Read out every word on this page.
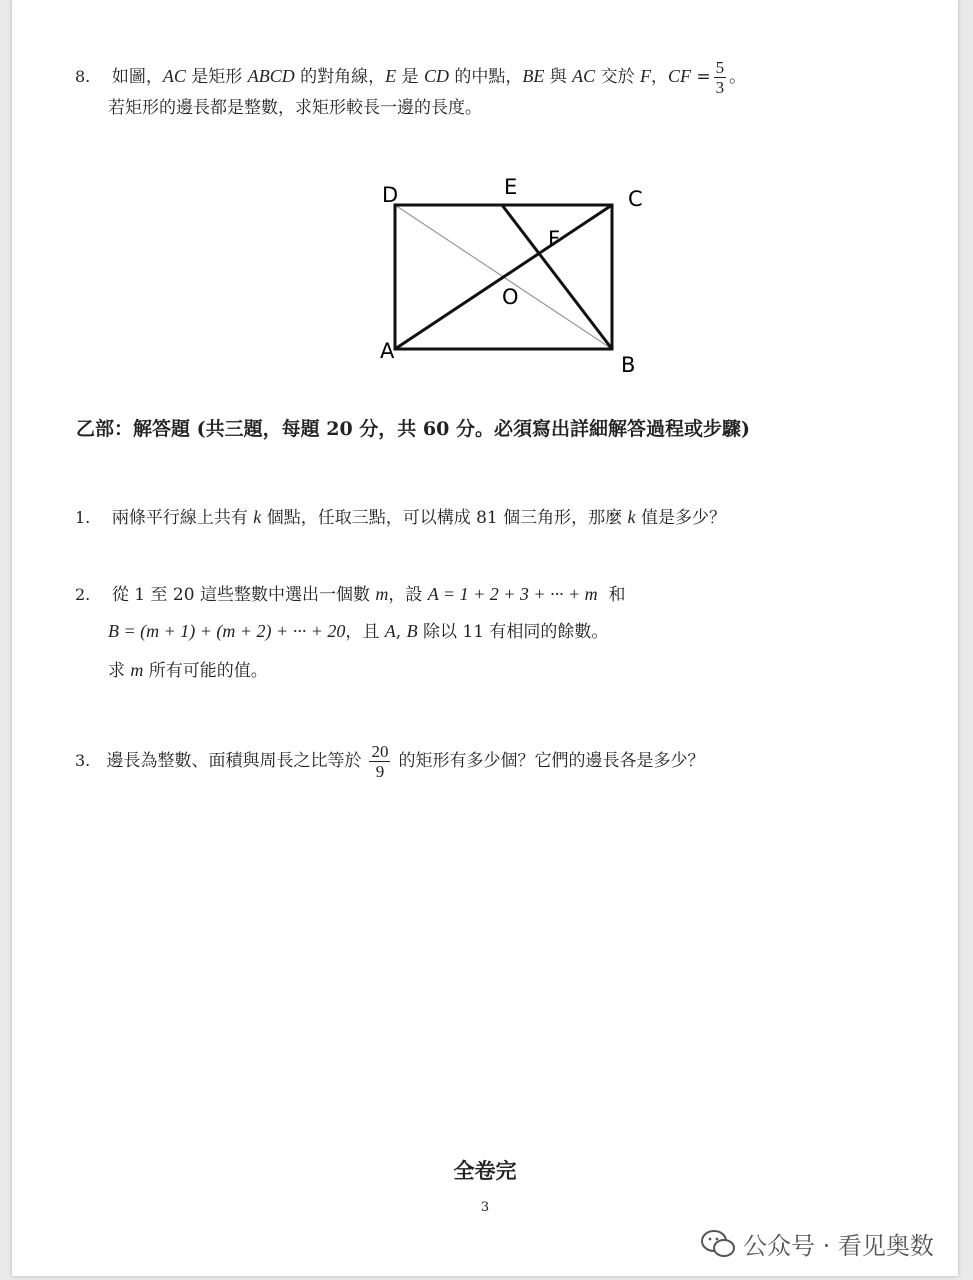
8. 如圖，AC 是矩形 ABCD 的對角線，E 是 CD 的中點，BE 與 AC 交於 F，CF = $\frac{5}{3}$ 。
若矩形的邊長都是整數，求矩形較長一邊的長度。
D	E	C
F
O
A
B
乙部：解答題 (共三題，每題 20 分，共 60 分。必須寫出詳細解答過程或步驟)
1. 兩條平行線上共有 k 個點，任取三點，可以構成 81 個三角形，那麼 k 值是多少？
2. 從 1 至 20 這些整數中選出一個數 m，設 A = 1 + 2 + 3 + ··· + m  和
B = (m + 1) + (m + 2) + ··· + 20，且 A, B 除以 11 有相同的餘數。
求 m 所有可能的值。
3.
邊長為整數、面積與周長之比等於 $\frac{20}{9}$ 的矩形有多少個？它們的邊長各是多少？
全卷完
3
公众号 · 看见奥数
